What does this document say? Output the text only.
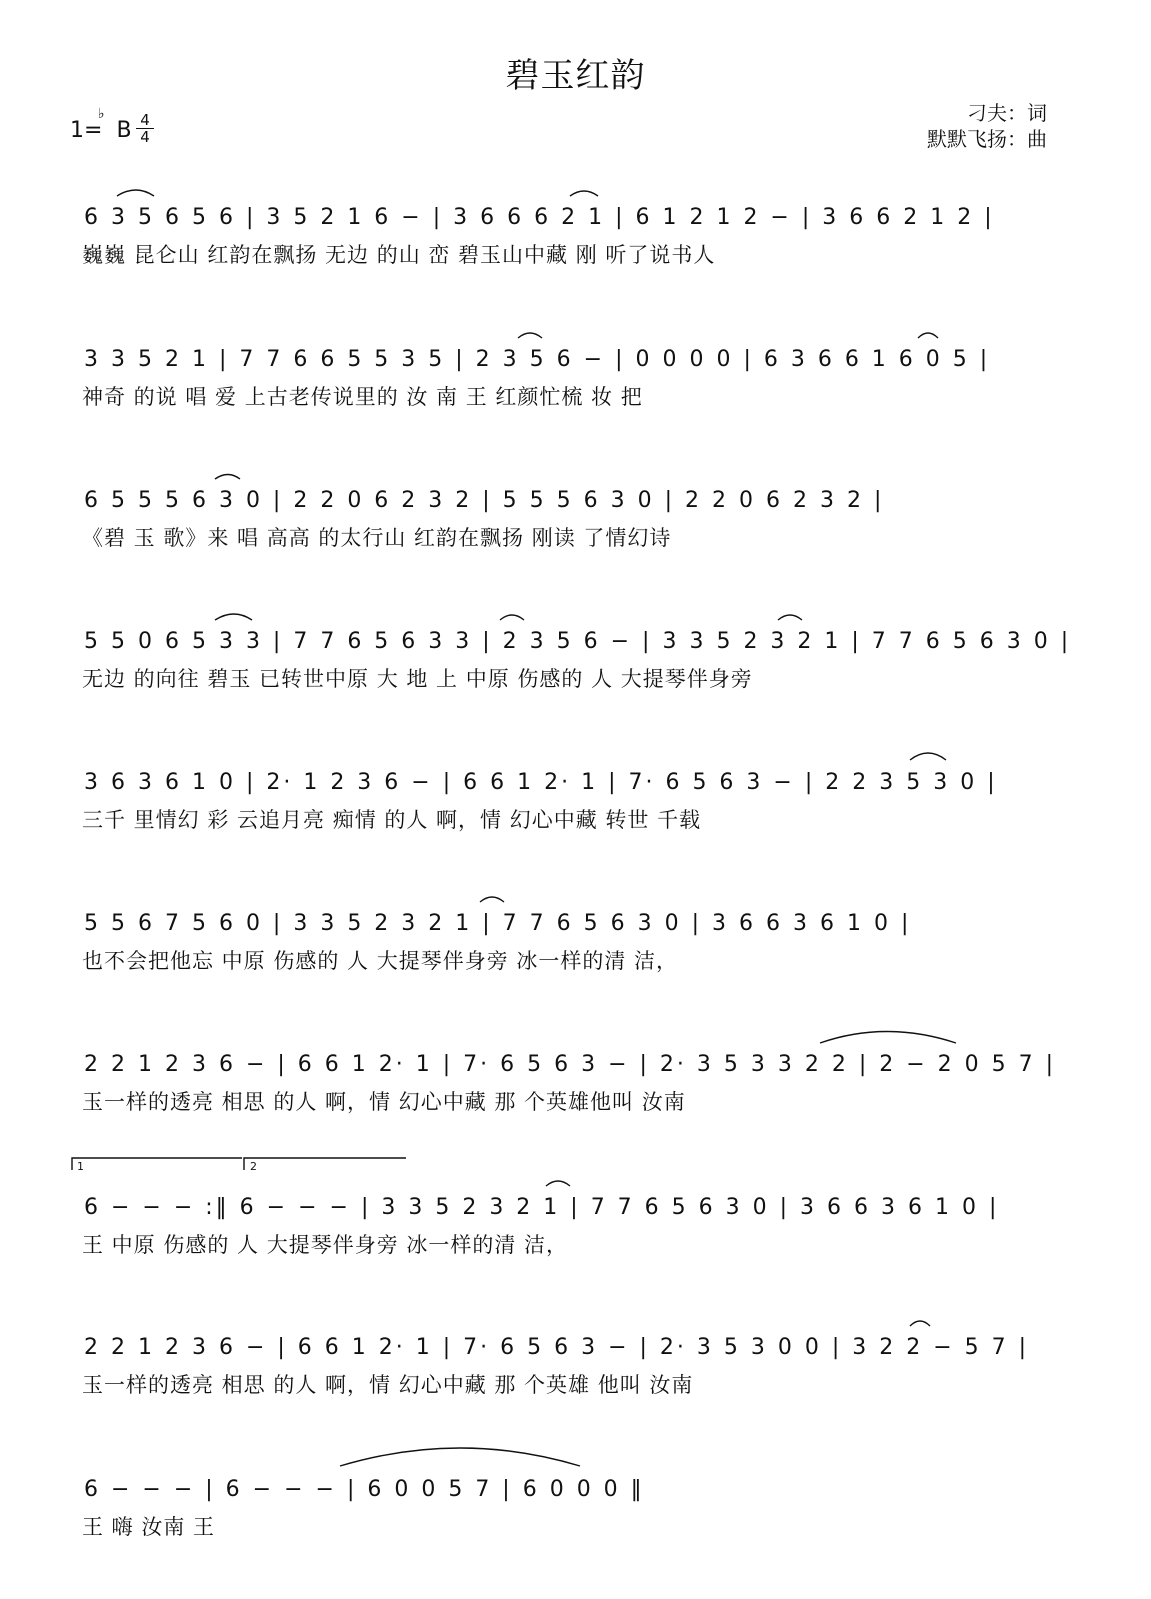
碧玉红韵
1=
♭
B 4
4
刁夫：词
默默飞扬：曲
6 3 5 6 5 6 | 3 5 2 1 6 − | 3 6 6 6 2 1 | 6 1 2 1 2 − | 3 6 6 2 1 2 |
巍巍 昆仑山 红韵在飘扬 无边 的山 峦 碧玉山中藏 刚 听了说书人
3 3 5 2 1 | 7 7 6 6 5 5 3 5 | 2 3 5 6 − | 0 0 0 0 | 6 3 6 6 1 6 0 5 |
神奇 的说 唱 爱 上古老传说里的 汝 南 王 红颜忙梳 妆 把
6 5 5 5 6 3 0 | 2 2 0 6 2 3 2 | 5 5 5 6 3 0 | 2 2 0 6 2 3 2 |
《碧 玉 歌》来 唱 高高 的太行山 红韵在飘扬 刚读 了情幻诗
5 5 0 6 5 3 3 | 7 7 6 5 6 3 3 | 2 3 5 6 − | 3 3 5 2 3 2 1 | 7 7 6 5 6 3 0 |
无边 的向往 碧玉 已转世中原 大 地 上 中原 伤感的 人 大提琴伴身旁
3 6 3 6 1 0 | 2· 1 2 3 6 − | 6 6 1 2· 1 | 7· 6 5 6 3 − | 2 2 3 5 3 0 |
三千 里情幻 彩 云追月亮 痴情 的人 啊，情 幻心中藏 转世 千载
5 5 6 7 5 6 0 | 3 3 5 2 3 2 1 | 7 7 6 5 6 3 0 | 3 6 6 3 6 1 0 |
也不会把他忘 中原 伤感的 人 大提琴伴身旁 冰一样的清 洁，
2 2 1 2 3 6 − | 6 6 1 2· 1 | 7· 6 5 6 3 − | 2· 3 5 3 3 2 2 | 2 − 2 0 5 7 |
玉一样的透亮 相思 的人 啊，情 幻心中藏 那 个英雄他叫 汝南
6 − − − :‖ 6 − − − | 3 3 5 2 3 2 1 | 7 7 6 5 6 3 0 | 3 6 6 3 6 1 0 |
王 中原 伤感的 人 大提琴伴身旁 冰一样的清 洁，
2 2 1 2 3 6 − | 6 6 1 2· 1 | 7· 6 5 6 3 − | 2· 3 5 3 0 0 | 3 2 2 − 5 7 |
玉一样的透亮 相思 的人 啊，情 幻心中藏 那 个英雄 他叫 汝南
6 − − − | 6 − − − | 6 0 0 5 7 | 6 0 0 0 ‖
王 嗨 汝南 王
1	2
